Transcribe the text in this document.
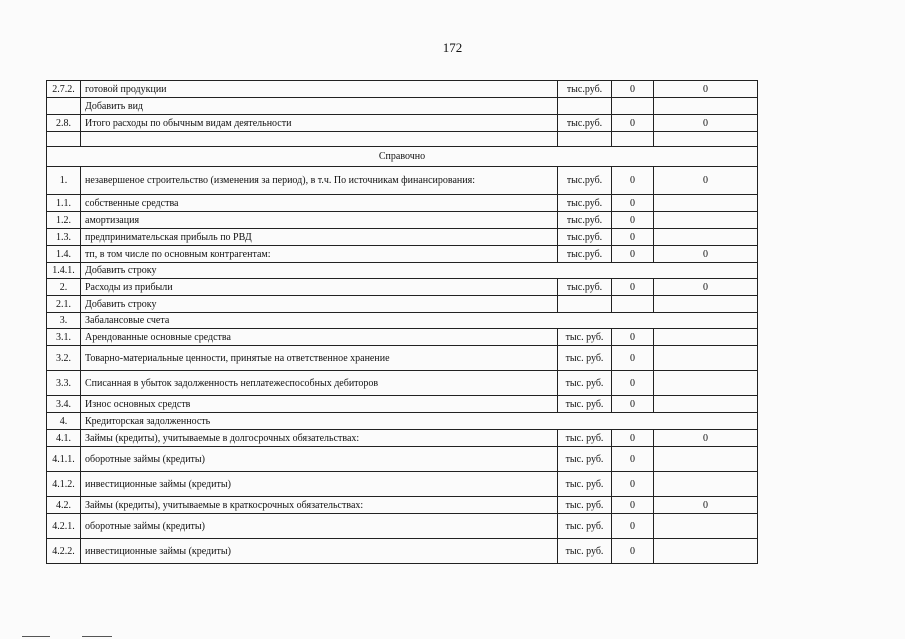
172
2.7.2.	готовой продукции	тыс.руб.	0	0
	Добавить вид			
2.8.	Итого расходы по обычным видам деятельности	тыс.руб.	0	0

Справочно				
1.	незавершеное строительство (изменения за период), в т.ч. По источникам финансирования:	тыс.руб.	0	0
1.1.	собственные средства	тыс.руб.	0	
1.2.	амортизация	тыс.руб.	0	
1.3.	предпринимательская прибыль по РВД	тыс.руб.	0	
1.4.	тп, в том числе по основным контрагентам:	тыс.руб.	0	0
1.4.1.	Добавить строку			
2.	Расходы из прибыли	тыс.руб.	0	0
2.1.	Добавить строку			
3.	Забалансовые счета			
3.1.	Арендованные основные средства	тыс. руб.	0	
3.2.	Товарно-материальные ценности, принятые на ответственное хранение	тыс. руб.	0	
3.3.	Списанная в убыток задолженность неплатежеспособных дебиторов	тыс. руб.	0	
3.4.	Износ основных средств	тыс. руб.	0	
4.	Кредиторская задолженность			
4.1.	Займы (кредиты), учитываемые в долгосрочных обязательствах:	тыс. руб.	0	0
4.1.1.	оборотные займы (кредиты)	тыс. руб.	0	
4.1.2.	инвестиционные займы (кредиты)	тыс. руб.	0	
4.2.	Займы (кредиты), учитываемые в краткосрочных обязательствах:	тыс. руб.	0	0
4.2.1.	оборотные займы (кредиты)	тыс. руб.	0	
4.2.2.	инвестиционные займы (кредиты)	тыс. руб.	0	
